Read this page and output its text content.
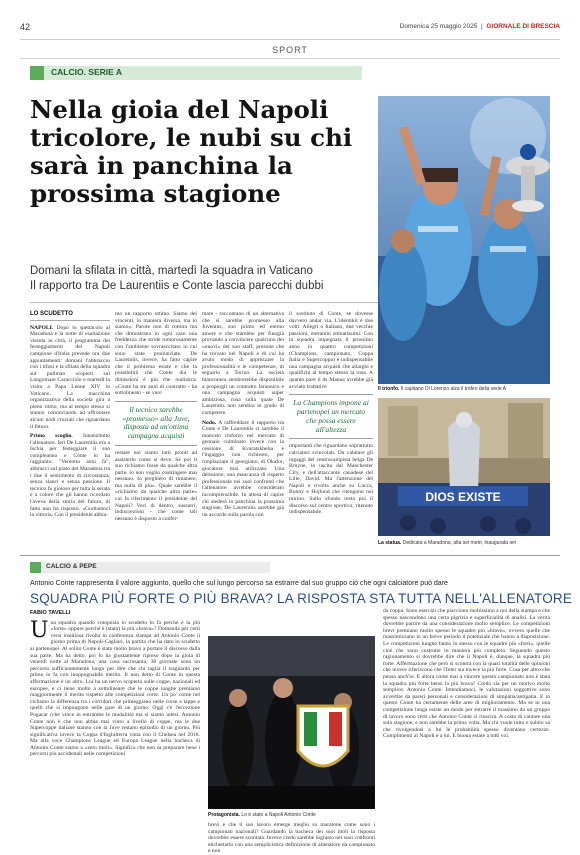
42	Domenica 25 maggio 2025  |  GIORNALE DI BRESCIA
SPORT
CALCIO. SERIE A
Nella gioia del Napoli tricolore, le nubi su chi sarà in panchina la prossima stagione
Domani la sfilata in città, martedì la squadra in Vaticano
Il rapporto tra De Laurentiis e Conte lascia parecchi dubbi
LO SCUDETTO
NAPOLI. Dopo lo spettacolo al Maradona e la notte di esaltazione vissuta in città, il programma dei festeggiamenti del Napoli campione d'Italia prevede ora due appuntamenti: domani l'abbraccio con i tifosi e la sfilata della squadra sui pullman scoperti sul Lungomare Caracciolo e martedì la visita a Papa Leone XIV in Vaticano. La macchina organizzativa della società gira a pieno ritmo, ma al tempo stesso si stanno cominciando ad affrontare alcuni nodi cruciali che riguardano il futuro.
Primo scoglio. Innanzitutto l'allenatore. Ieri De Laurentiis era a Ischia per festeggiare il suo compleanno e Conte lo ha raggiunto. "Ventotto anni fa", abbracci sul prato del Maradona tra i due il sentimento di circostanza, senza slanci e senza passione. Il tecnico fu gioioso per tutta la serata e a colore che gli hanno ricordato l'aveva della storia del futuro, di fatto non ha risposto. «Godiamoci la vittoria. Con il presidente abbia-
mo un rapporto ottimo. Siamo dei vincenti, in maniera diversa, ma lo siamo». Parole non di rottura ma che dimostrano in ogni caso una freddezza che stride rumorosamente con l'ambiente sovraeccitato in cui sono state pronunciate. De Laurentiis, invece, ha fatto capire che il problema esiste e che la possibilità che Conte dia le dimissioni è più che realistica. «Conte ha tre anni di contratto - ha sottolineato - se vuol
Il tecnico sarebbe «promesso» alla Juve, disposta ad un'ottima campagna acquisti
restare noi siamo tutti pronti ad assisterlo come si deve. Se poi il suo richiamo fosse da qualche altra parte, io non voglio costringere mai nessuno. Io preghiero di rimanere, ma nulla di più». Quale sarebbe il «richiamo da qualche altra parte» cui fa riferimento il presidente del Napoli? Voci di dentro, sussurri, indiscrezioni - che come tali nessuno è disposto a confer-
mare - raccontano di un alternativa che si sarebbe promesso alla Juventus, suo primo ed eterno amore e che starebbe per finogià provando a convincere qualcuno dei «nuovi» del suo staff, presone che ha trovato nel Napoli e di cui ha avuto modo di apprezzare la professionalità e le competenze, di seguirlo a Torino. La società bianconera sembrerebbe disponibile a proporgli un contratto faraonico e una campagna acquisti super ambiziosa, cosa sulla quale De Laurentiis non sembra in grado di competere.
Nodo. A raffreddare il rapporto tra Conte e De Laurentiis ci sarebbe il mancato rinforzo nel mercato di gennaio culminato invece con la cessione di Kvaratskhelia e l'ingaggio non richiesto, per rimpiazzare il georgiano, di Okafor, giocatore mai utilizzato. Una delusione, una mancanza di rispetto professionale nei suoi confronti che l'allenatore avrebbe considerato incomprensibile. In attesa di capire chi siederà in panchina la prossima stagione, De Laurentiis sarebbe già un accordo sulla parola con
il sostituto di Conte, se dovesse davvero andar via. L'identikit è due volti: Allegri o Italiano, due vecchie passioni, entrambi stimatissimi. Con la squadra impegnata il prossimo anno in quattro competizioni (Champions, campionato, Coppa Italia e Supercoppa) è indispensabile una campagna acquisti che allarghi e qualifichi al tempo stesso la rosa. A quanto pare il ds Manna avrebbe già avviato trattative
La Champions impone ai partenopei un mercato che possa essere all'altezza
importanti che riguardano soprattutto calciatori svincolati. Da valutare gli ingaggi del centrocampista belga De Bruyne, in uscita dal Manchester City, e dell'attaccante canadese del Lille, David. Ma l'attenzione del Napoli è rivolta anche su Lucca, Bonny e Hojlund che ritengono nel mirino. Sullo sfondo resta poi il discorso sul centro sportivo, ritenuto indispensabile.
Il trionfo. Il capitano Di Lorenzo alza il trofeo della serie A
DIOS EXISTE
La statua. Dedicata a Maradona, alta sei metri, inaugurata ieri
CALCIO & PEPE
Antonio Conte rappresenta il valore aggiunto, quello che sul lungo percorso sa estrarre dal suo gruppo ciò che ogni calciatore può dare
SQUADRA PIÙ FORTE O PIÙ BRAVA? LA RISPOSTA STA TUTTA NELL'ALLENATORE
FABIO TAVELLI
U na squadra quando conquista lo scudetto lo fa perché è la più «forte» oppure perché è (stata) la più «brava»? Domanda per certi versi insidiosa rivolta in conferenza stampa ad Antonio Conte il giorno prima di Napoli-Cagliari, la partita che ha dato lo scudetto ai partenopei. Al solito Conte è stato molto bravo a portare il discorso dalla sua parte. Ma ha detto, poi lo ha giustamente ripreso dopo la gioia di venerdì notte al Maradona, una cosa sacrosanta: 38 giornate sono un percorso sufficientemente lungo per dire che chi taglia il traguardo per primo lo fa con inoppugnabile merito. Il non detto di Conte in questa affermazione è un altro. Lui ha un nervo scoperto sulle coppe, nazionali ed europee, e ci tiene molto a sottolineare che le coppe lunghe premiano maggiormente il merito rispetto alle competizioni corte. Un po' come nel ciclismo la differenza tra i corridori che primeggiano nelle corse a tappe e quelli che si impongono nelle gare di un giorno. Oggi c'è l'eccezione Pogacar (che vince in entrambe le modalità) ma si siamo intesi. Antonio Conte non è che non abbia mai vinto a livello di coppe, ma le due Supercoppe italiane stanno con la Juve restano episodio di un giorno. Più significativa invece la Coppa d'Inghilterra vinta con il Chelsea nel 2018. Ma alla voce Champions League ed Europa League nella bacheca di Antonio Conte siamo a «zero titoli». Significa che non sa preparare bene i percorsi più accidentali nelle competizioni
Protagonista. Lo è stato a Napoli Antonio Conte
brevi e che il suo lavoro emerge meglio su maratone come sono i campionati nazionali? Guardando la bacheca dei suoi titoli la risposta dovrebbe essere scontata. Invece credo sarebbe ingiusto nei suoi confronti etichettarlo con una semplicistica definizione di allenatore da campionato e non
da coppa. Sono esercizi che piacciono moltissimo a noi della stampa e che spesso nascondono una certa pigrizia e superficialità di analisi. La verità dovrebbe partire da una considerazione molto semplice. Le competizioni brevi premiano molto spesso le squadre più «brave», ovvero quelle che massimizzano in un breve periodo il potenziale che hanno a disposizione. Le competizioni lunghe fanno lo stesso con le squadre più «forti», quelle cioè che sono costruite in maniera più completa. Seguendo questo ragionamento si dovrebbe dire che il Napoli è, dunque, la squadra più forte. Affermazione che però si scontra con la quasi totalità delle opinioni che invece riferiscono che l'Inter sia invece la più forte. Cosa per altro che penso anch'io. E allora come mai a vincere questo campionato non è stata la squadra più forte bensì la più brava? Credo sia per un motivo molto semplice: Antonio Conte. Intendiamoci, le valutazioni soggettive sono avvertite da pareri personali e considerazioni di simpatia/antipatia. E in questo Conte ha certamente delle aree di miglioramento. Ma se in una competizione lunga esiste un modo per estrarre il massimo da un gruppo di lavoro sono certi che Antonio Conte ci riuscirà. A costo di cantare una sola stagione, e non sarebbe la prima volta. Ma chi vuole tutto e subito sa che rivolgendosi a lui le probabilità spesso diventano certezze. Complimenti al Napoli e a lui. E buona estate a tutti voi.
